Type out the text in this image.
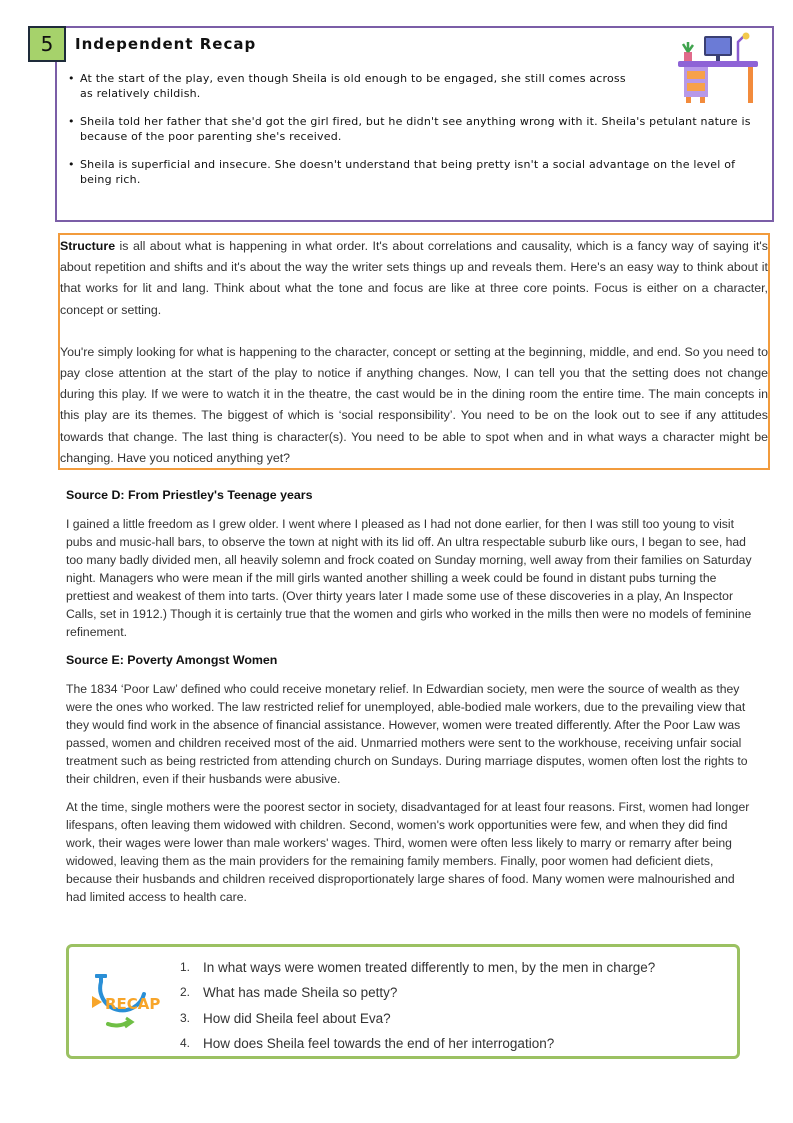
5 Independent Recap
• At the start of the play, even though Sheila is old enough to be engaged, she still comes across as relatively childish.
• Sheila told her father that she'd got the girl fired, but he didn't see anything wrong with it. Sheila's petulant nature is because of the poor parenting she's received.
• Sheila is superficial and insecure. She doesn't understand that being pretty isn't a social advantage on the level of being rich.

Structure is all about what is happening in what order. It's about correlations and causality, which is a fancy way of saying it's about repetition and shifts and it's about the way the writer sets things up and reveals them. Here's an easy way to think about it that works for lit and lang. Think about what the tone and focus are like at three core points. Focus is either on a character, concept or setting.

You're simply looking for what is happening to the character, concept or setting at the beginning, middle, and end. So you need to pay close attention at the start of the play to notice if anything changes. Now, I can tell you that the setting does not change during this play. If we were to watch it in the theatre, the cast would be in the dining room the entire time. The main concepts in this play are its themes. The biggest of which is ‘social responsibility’. You need to be on the look out to see if any attitudes towards that change. The last thing is character(s). You need to be able to spot when and in what ways a character might be changing. Have you noticed anything yet?

Source D: From Priestley's Teenage years

I gained a little freedom as I grew older. I went where I pleased as I had not done earlier, for then I was still too young to visit pubs and music-hall bars, to observe the town at night with its lid off. An ultra respectable suburb like ours, I began to see, had too many badly divided men, all heavily solemn and frock coated on Sunday morning, well away from their families on Saturday night. Managers who were mean if the mill girls wanted another shilling a week could be found in distant pubs turning the prettiest and weakest of them into tarts. (Over thirty years later I made some use of these discoveries in a play, An Inspector Calls, set in 1912.) Though it is certainly true that the women and girls who worked in the mills then were no models of feminine refinement.

Source E: Poverty Amongst Women

The 1834 ‘Poor Law’ defined who could receive monetary relief. In Edwardian society, men were the source of wealth as they were the ones who worked. The law restricted relief for unemployed, able-bodied male workers, due to the prevailing view that they would find work in the absence of financial assistance. However, women were treated differently. After the Poor Law was passed, women and children received most of the aid. Unmarried mothers were sent to the workhouse, receiving unfair social treatment such as being restricted from attending church on Sundays. During marriage disputes, women often lost the rights to their children, even if their husbands were abusive.

At the time, single mothers were the poorest sector in society, disadvantaged for at least four reasons. First, women had longer lifespans, often leaving them widowed with children. Second, women's work opportunities were few, and when they did find work, their wages were lower than male workers' wages. Third, women were often less likely to marry or remarry after being widowed, leaving them as the main providers for the remaining family members. Finally, poor women had deficient diets, because their husbands and children received disproportionately large shares of food. Many women were malnourished and had limited access to health care.

RECAP
1. In what ways were women treated differently to men, by the men in charge?
2. What has made Sheila so petty?
3. How did Sheila feel about Eva?
4. How does Sheila feel towards the end of her interrogation?
